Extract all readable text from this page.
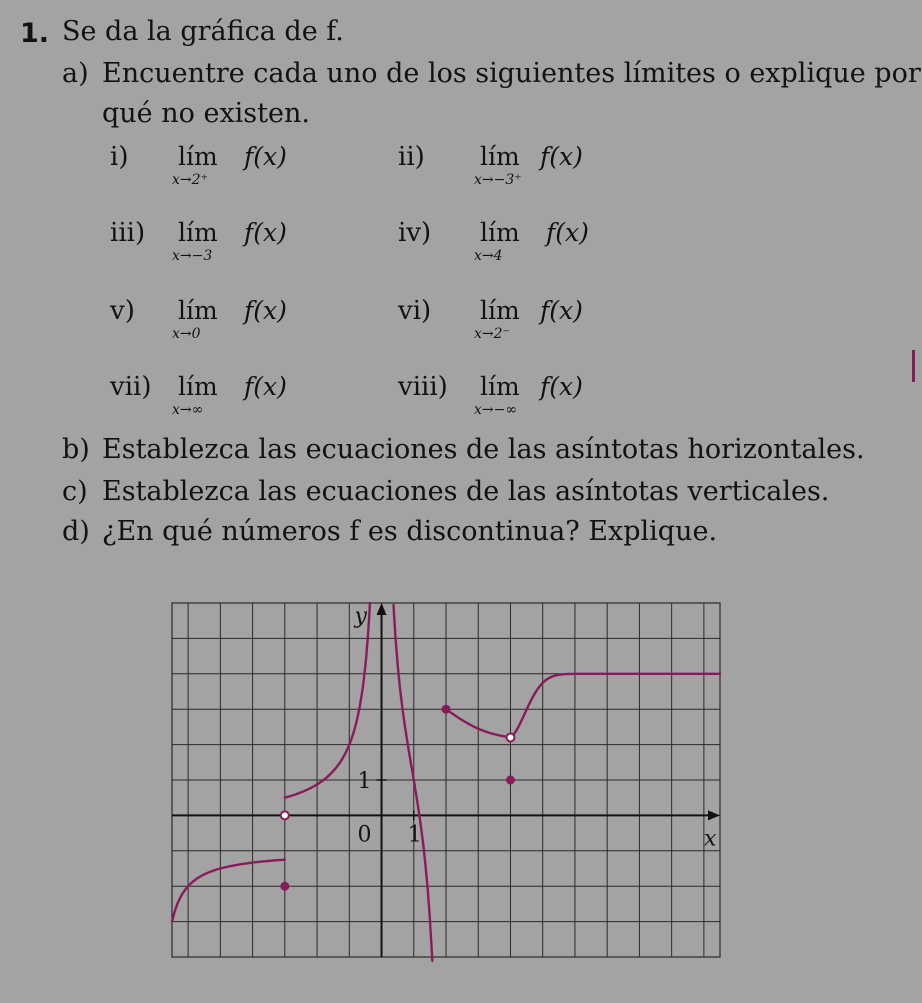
1. Se da la gráfica de f.
a) Encuentre cada uno de los siguientes límites o explique por
qué no existen.
i) lím
x→2⁺
f(x)	ii) lím
x→−3⁺
f(x)
iii) lím
x→−3
f(x)	iv) lím
x→4
f(x)
v) lím
x→0
f(x)	vi) lím
x→2⁻
f(x)
vii) lím
x→∞
f(x)	viii) lím
x→−∞
f(x)
b) Establezca las ecuaciones de las asíntotas horizontales.
c) Establezca las ecuaciones de las asíntotas verticales.
d) ¿En qué números f es discontinua? Explique.
y
x
0 1
1
